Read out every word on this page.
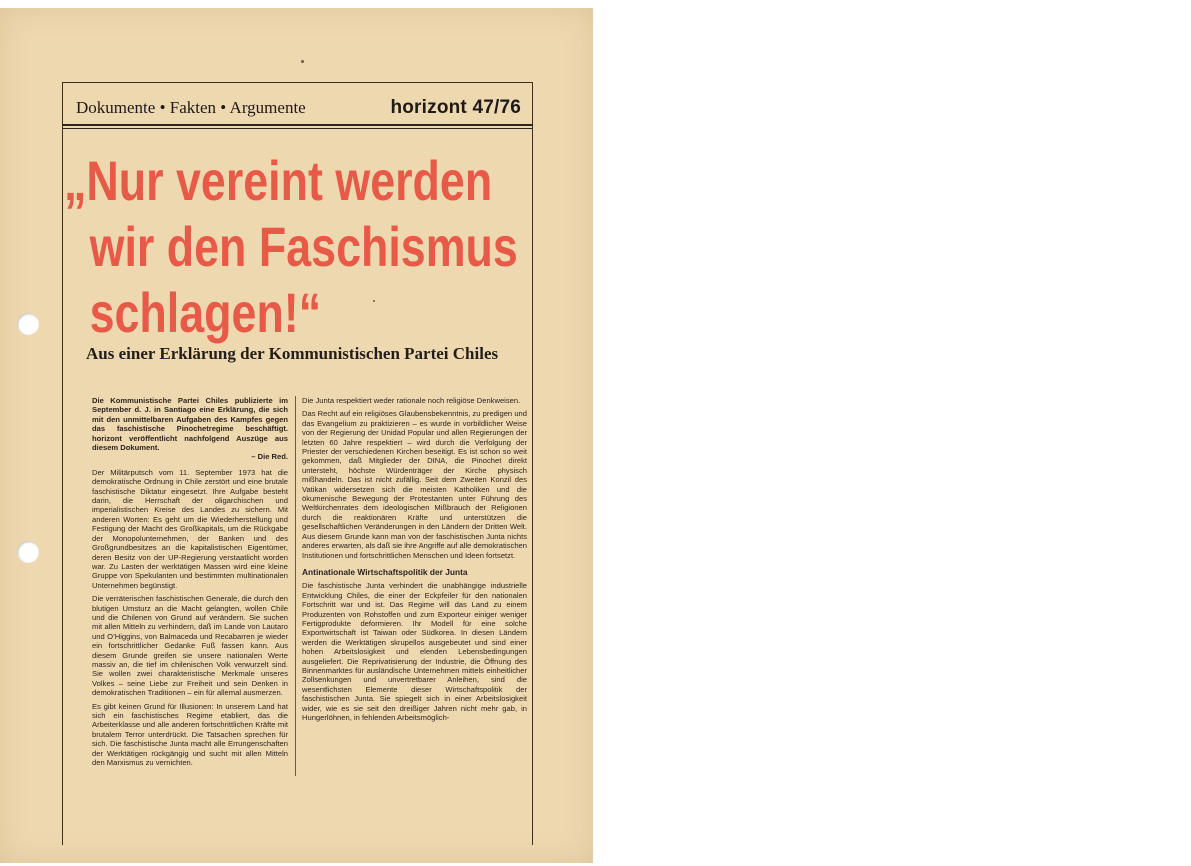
Dokumente • Fakten • Argumente	horizont 47/76
„Nur vereint werden
wir den Faschismus
schlagen!“
Aus einer Erklärung der Kommunistischen Partei Chiles

Die Kommunistische Partei Chiles publizierte im September d. J. in Santiago eine Erklärung, die sich mit den unmittelbaren Aufgaben des Kampfes gegen das faschistische Pinochetregime beschäftigt. horizont veröffentlicht nachfolgend Auszüge aus diesem Dokument.
– Die Red.

Der Militärputsch vom 11. September 1973 hat die demokratische Ordnung in Chile zerstört und eine brutale faschistische Diktatur eingesetzt. Ihre Aufgabe besteht darin, die Herrschaft der oligarchischen und imperialistischen Kreise des Landes zu sichern. Mit anderen Worten: Es geht um die Wiederherstellung und Festigung der Macht des Großkapitals, um die Rückgabe der Monopolunternehmen, der Banken und des Großgrundbesitzes an die kapitalistischen Eigentümer, deren Besitz von der UP-Regierung verstaatlicht worden war. Zu Lasten der werktätigen Massen wird eine kleine Gruppe von Spekulanten und bestimmten multinationalen Unternehmen begünstigt.

Die verräterischen faschistischen Generale, die durch den blutigen Umsturz an die Macht gelangten, wollen Chile und die Chilenen von Grund auf verändern. Sie suchen mit allen Mitteln zu verhindern, daß im Lande von Lautaro und O’Higgins, von Balmaceda und Recabarren je wieder ein fortschrittlicher Gedanke Fuß fassen kann. Aus diesem Grunde greifen sie unsere nationalen Werte massiv an, die tief im chilenischen Volk verwurzelt sind. Sie wollen zwei charakteristische Merkmale unseres Volkes – seine Liebe zur Freiheit und sein Denken in demokratischen Traditionen – ein für allemal ausmerzen.

Es gibt keinen Grund für Illusionen: In unserem Land hat sich ein faschistisches Regime etabliert, das die Arbeiterklasse und alle anderen fortschrittlichen Kräfte mit brutalem Terror unterdrückt. Die Tatsachen sprechen für sich. Die faschistische Junta macht alle Errungenschaften der Werktätigen rückgängig und sucht mit allen Mitteln den Marxismus zu vernichten.

Die Junta respektiert weder rationale noch religiöse Denkweisen.

Das Recht auf ein religiöses Glaubensbekenntnis, zu predigen und das Evangelium zu praktizieren – es wurde in vorbildlicher Weise von der Regierung der Unidad Popular und allen Regierungen der letzten 60 Jahre respektiert – wird durch die Verfolgung der Priester der verschiedenen Kirchen beseitigt. Es ist schon so weit gekommen, daß Mitglieder der DINA, die Pinochet direkt untersteht, höchste Würdenträger der Kirche physisch mißhandeln. Das ist nicht zufällig. Seit dem Zweiten Konzil des Vatikan widersetzen sich die meisten Katholiken und die ökumenische Bewegung der Protestanten unter Führung des Weltkirchenrates dem ideologischen Mißbrauch der Religionen durch die reaktionären Kräfte und unterstützen die gesellschaftlichen Veränderungen in den Ländern der Dritten Welt. Aus diesem Grunde kann man von der faschistischen Junta nichts anderes erwarten, als daß sie ihre Angriffe auf alle demokratischen Institutionen und fortschrittlichen Menschen und Ideen fortsetzt.

Antinationale Wirtschaftspolitik der Junta

Die faschistische Junta verhindert die unabhängige industrielle Entwicklung Chiles, die einer der Eckpfeiler für den nationalen Fortschritt war und ist. Das Regime will das Land zu einem Produzenten von Rohstoffen und zum Exporteur einiger weniger Fertigprodukte deformieren. Ihr Modell für eine solche Exportwirtschaft ist Taiwan oder Südkorea. In diesen Ländern werden die Werktätigen skrupellos ausgebeutet und sind einer hohen Arbeitslosigkeit und elenden Lebensbedingungen ausgeliefert. Die Reprivatisierung der Industrie, die Öffnung des Binnenmarktes für ausländische Unternehmen mittels einheitlicher Zollsenkungen und unvertretbarer Anleihen, sind die wesentlichsten Elemente dieser Wirtschaftspolitik der faschistischen Junta. Sie spiegelt sich in einer Arbeitslosigkeit wider, wie es sie seit den dreißiger Jahren nicht mehr gab, in Hungerlöhnen, in fehlenden Arbeitsmöglich-
